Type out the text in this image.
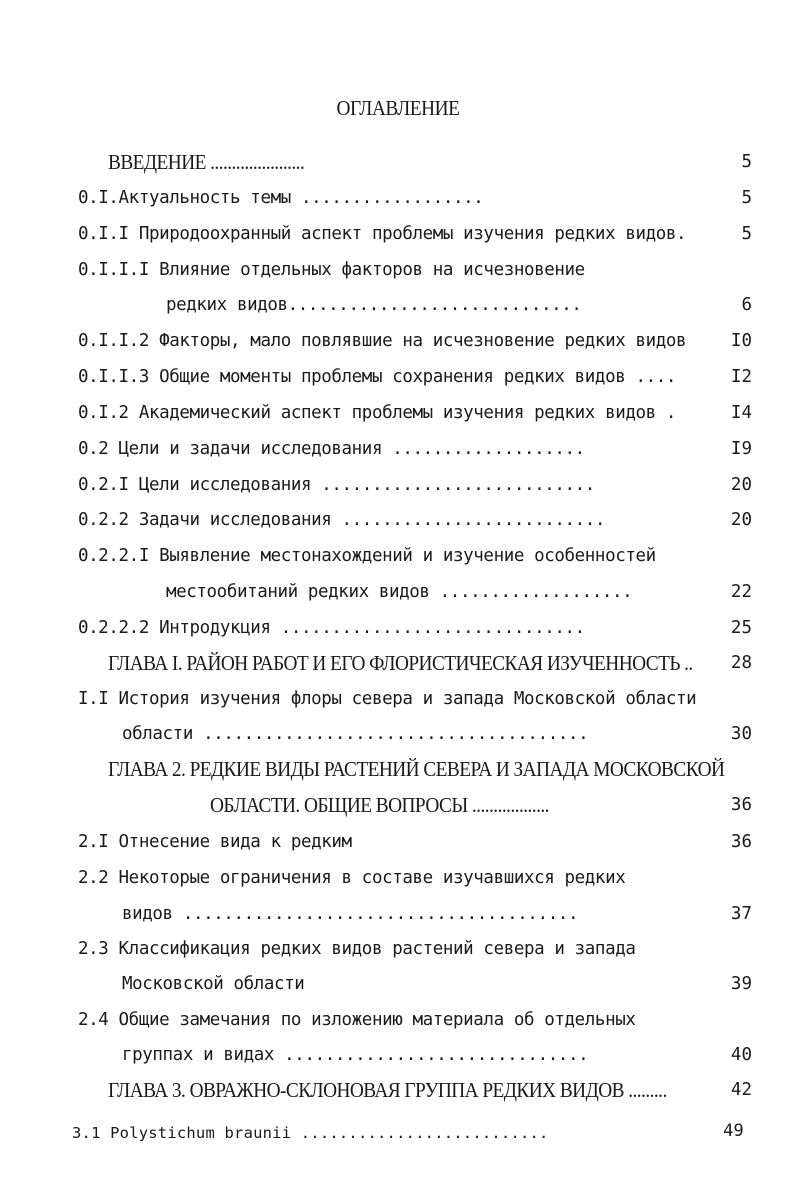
ОГЛАВЛЕНИЕ
ВВЕДЕНИЕ ......................	5
0.I.Актуальность темы ..................	5
0.I.I Природоохранный аспект проблемы изучения редких видов.	5
0.I.I.I Влияние отдельных факторов на исчезновение
редких видов.............................	6
0.I.I.2 Факторы, мало повлявшие на исчезновение редких видов	I0
0.I.I.3 Общие моменты проблемы сохранения редких видов ....	I2
0.I.2 Академический аспект проблемы изучения редких видов .	I4
0.2 Цели и задачи исследования ...................	I9
0.2.I Цели исследования ...........................	20
0.2.2 Задачи исследования ..........................	20
0.2.2.I Выявление местонахождений и изучение особенностей
местообитаний редких видов ...................	22
0.2.2.2 Интродукция ..............................	25
ГЛАВА I. РАЙОН РАБОТ И ЕГО ФЛОРИСТИЧЕСКАЯ ИЗУЧЕННОСТЬ ..	28
I.I История изучения флоры севера и запада Московской области
области ......................................	30
ГЛАВА 2. РЕДКИЕ ВИДЫ РАСТЕНИЙ СЕВЕРА И ЗАПАДА МОСКОВСКОЙ
ОБЛАСТИ. ОБЩИЕ ВОПРОСЫ ..................	36
2.I Отнесение вида к редким	36
2.2 Некоторые ограничения в составе изучавшихся редких
видов .......................................	37
2.3 Классификация редких видов растений севера и запада
Московской области	39
2.4 Общие замечания по изложению материала об отдельных
группах и видах ..............................	40
ГЛАВА 3. ОВРАЖНО-СКЛОНОВАЯ ГРУППА РЕДКИХ ВИДОВ .........	42
3.1 Polystichum braunii ..........................	49
